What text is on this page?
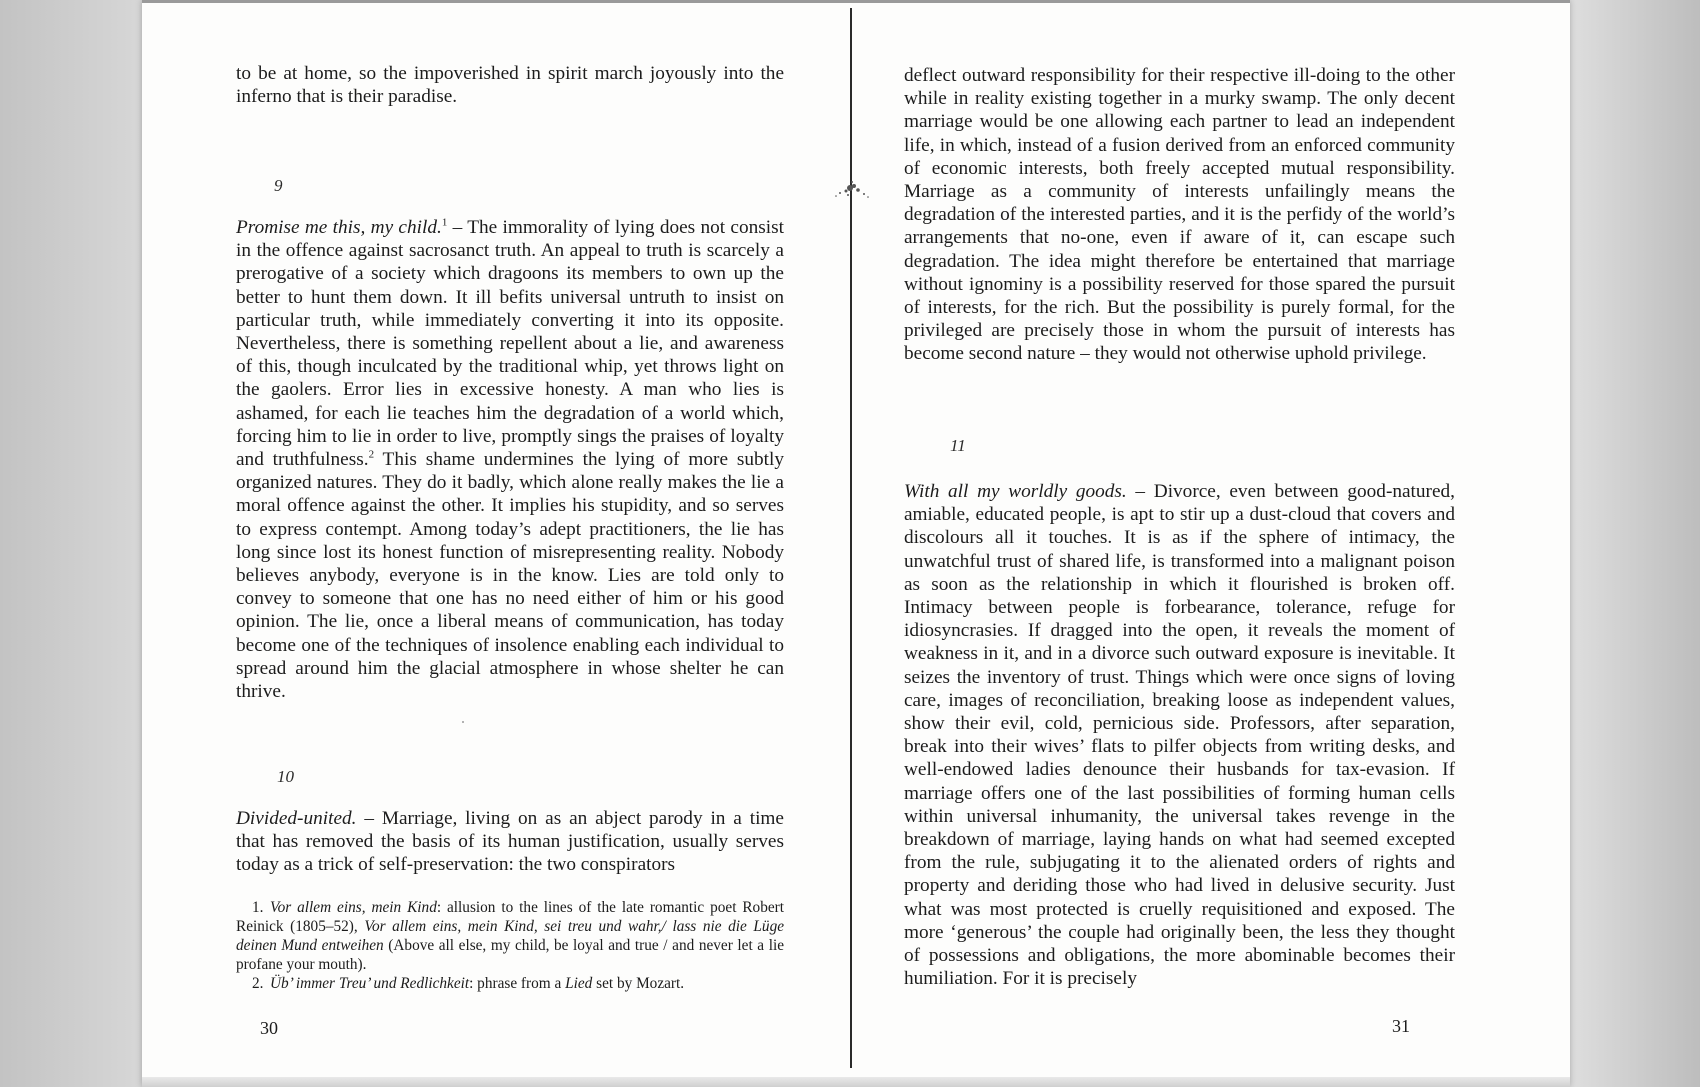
to be at home, so the impoverished in spirit march joyously into the inferno that is their paradise.

9

Promise me this, my child.$^1$ – The immorality of lying does not consist in the offence against sacrosanct truth. An appeal to truth is scarcely a prerogative of a society which dragoons its members to own up the better to hunt them down. It ill befits universal untruth to insist on particular truth, while immediately converting it into its opposite. Nevertheless, there is something repellent about a lie, and awareness of this, though inculcated by the traditional whip, yet throws light on the gaolers. Error lies in excessive honesty. A man who lies is ashamed, for each lie teaches him the degradation of a world which, forcing him to lie in order to live, promptly sings the praises of loyalty and truthfulness.$^2$ This shame undermines the lying of more subtly organized natures. They do it badly, which alone really makes the lie a moral offence against the other. It implies his stupidity, and so serves to express contempt. Among today’s adept practitioners, the lie has long since lost its honest function of misrepresenting reality. Nobody believes anybody, everyone is in the know. Lies are told only to convey to someone that one has no need either of him or his good opinion. The lie, once a liberal means of communication, has today become one of the techniques of insolence enabling each individual to spread around him the glacial atmosphere in whose shelter he can thrive.

10

Divided-united. – Marriage, living on as an abject parody in a time that has removed the basis of its human justification, usually serves today as a trick of self-preservation: the two conspirators

1. Vor allem eins, mein Kind: allusion to the lines of the late romantic poet Robert Reinick (1805–52), Vor allem eins, mein Kind, sei treu und wahr,/ lass nie die Lüge deinen Mund entweihen (Above all else, my child, be loyal and true / and never let a lie profane your mouth).

2. Üb’ immer Treu’ und Redlichkeit: phrase from a Lied set by Mozart.

30

deflect outward responsibility for their respective ill-doing to the other while in reality existing together in a murky swamp. The only decent marriage would be one allowing each partner to lead an independent life, in which, instead of a fusion derived from an enforced community of economic interests, both freely accepted mutual responsibility. Marriage as a community of interests unfailingly means the degradation of the interested parties, and it is the perfidy of the world’s arrangements that no-one, even if aware of it, can escape such degradation. The idea might therefore be entertained that marriage without ignominy is a possibility reserved for those spared the pursuit of interests, for the rich. But the possibility is purely formal, for the privileged are precisely those in whom the pursuit of interests has become second nature – they would not otherwise uphold privilege.

11

With all my worldly goods. – Divorce, even between good-natured, amiable, educated people, is apt to stir up a dust-cloud that covers and discolours all it touches. It is as if the sphere of intimacy, the unwatchful trust of shared life, is transformed into a malignant poison as soon as the relationship in which it flourished is broken off. Intimacy between people is forbearance, tolerance, refuge for idiosyncrasies. If dragged into the open, it reveals the moment of weakness in it, and in a divorce such outward exposure is inevitable. It seizes the inventory of trust. Things which were once signs of loving care, images of reconciliation, breaking loose as independent values, show their evil, cold, pernicious side. Professors, after separation, break into their wives’ flats to pilfer objects from writing desks, and well-endowed ladies denounce their husbands for tax-evasion. If marriage offers one of the last possibilities of forming human cells within universal inhumanity, the universal takes revenge in the breakdown of marriage, laying hands on what had seemed excepted from the rule, subjugating it to the alienated orders of rights and property and deriding those who had lived in delusive security. Just what was most protected is cruelly requisitioned and exposed. The more ‘generous’ the couple had originally been, the less they thought of possessions and obligations, the more abominable becomes their humiliation. For it is precisely

31
